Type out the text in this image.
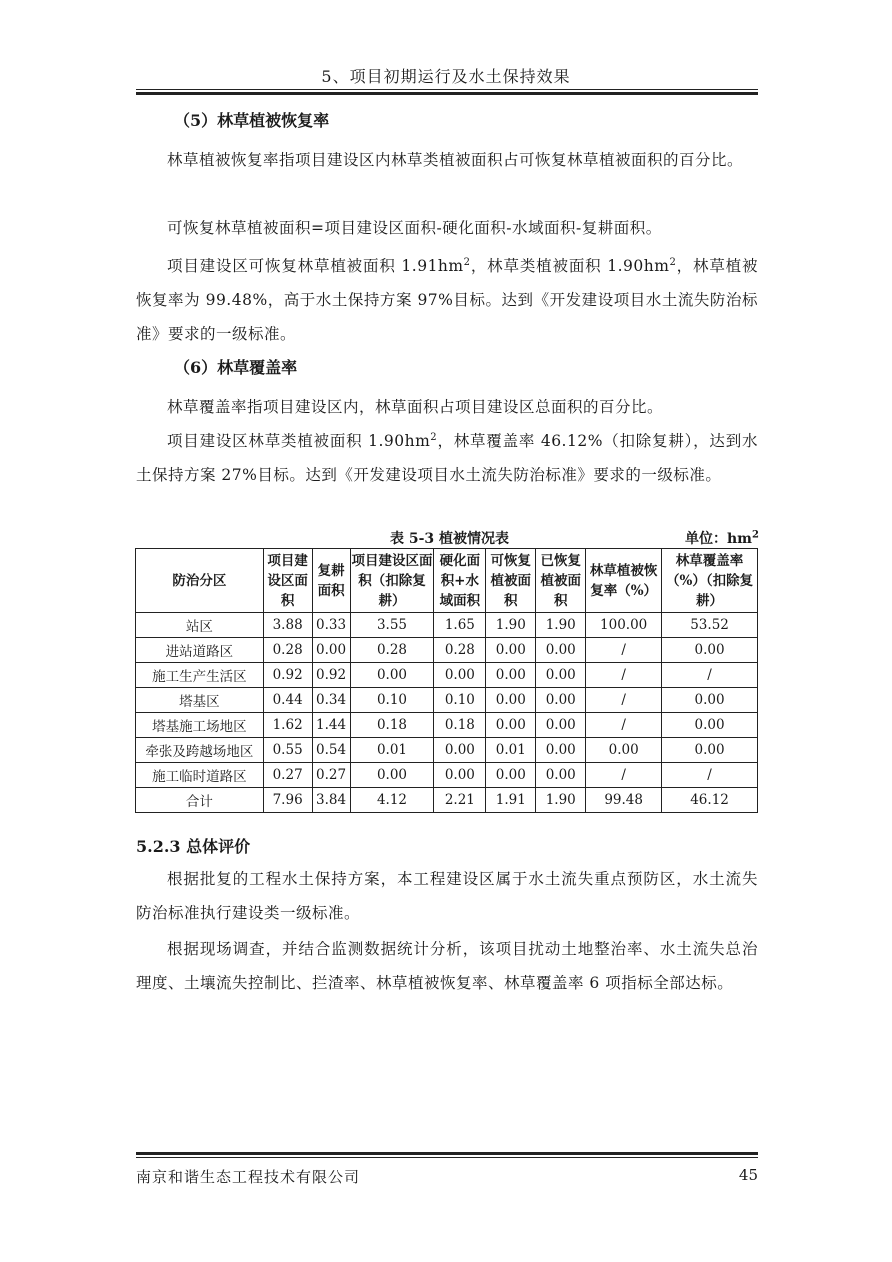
5、项目初期运行及水土保持效果
（5）林草植被恢复率
林草植被恢复率指项目建设区内林草类植被面积占可恢复林草植被面积的百分比。
可恢复林草植被面积=项目建设区面积-硬化面积-水域面积-复耕面积。
项目建设区可恢复林草植被面积 $1.91hm^2$，林草类植被面积 $1.90hm^2$，林草植被恢复率为 99.48%，高于水土保持方案 97%目标。达到《开发建设项目水土流失防治标准》要求的一级标准。
（6）林草覆盖率
林草覆盖率指项目建设区内，林草面积占项目建设区总面积的百分比。
项目建设区林草类植被面积 $1.90hm^2$，林草覆盖率 46.12%（扣除复耕），达到水土保持方案 27%目标。达到《开发建设项目水土流失防治标准》要求的一级标准。
表 5-3 植被情况表	单位：$hm^2$
防治分区	项目建设区面积	复耕面积	项目建设区面积（扣除复耕）	硬化面积+水域面积	可恢复植被面积	已恢复植被面积	林草植被恢复率（%）	林草覆盖率（%）（扣除复耕）
站区	3.88	0.33	3.55	1.65	1.90	1.90	100.00	53.52
进站道路区	0.28	0.00	0.28	0.28	0.00	0.00	/	0.00
施工生产生活区	0.92	0.92	0.00	0.00	0.00	0.00	/	/
塔基区	0.44	0.34	0.10	0.10	0.00	0.00	/	0.00
塔基施工场地区	1.62	1.44	0.18	0.18	0.00	0.00	/	0.00
牵张及跨越场地区	0.55	0.54	0.01	0.00	0.01	0.00	0.00	0.00
施工临时道路区	0.27	0.27	0.00	0.00	0.00	0.00	/	/
合计	7.96	3.84	4.12	2.21	1.91	1.90	99.48	46.12
5.2.3 总体评价
根据批复的工程水土保持方案，本工程建设区属于水土流失重点预防区，水土流失防治标准执行建设类一级标准。
根据现场调查，并结合监测数据统计分析，该项目扰动土地整治率、水土流失总治理度、土壤流失控制比、拦渣率、林草植被恢复率、林草覆盖率 6 项指标全部达标。
南京和谐生态工程技术有限公司	45
